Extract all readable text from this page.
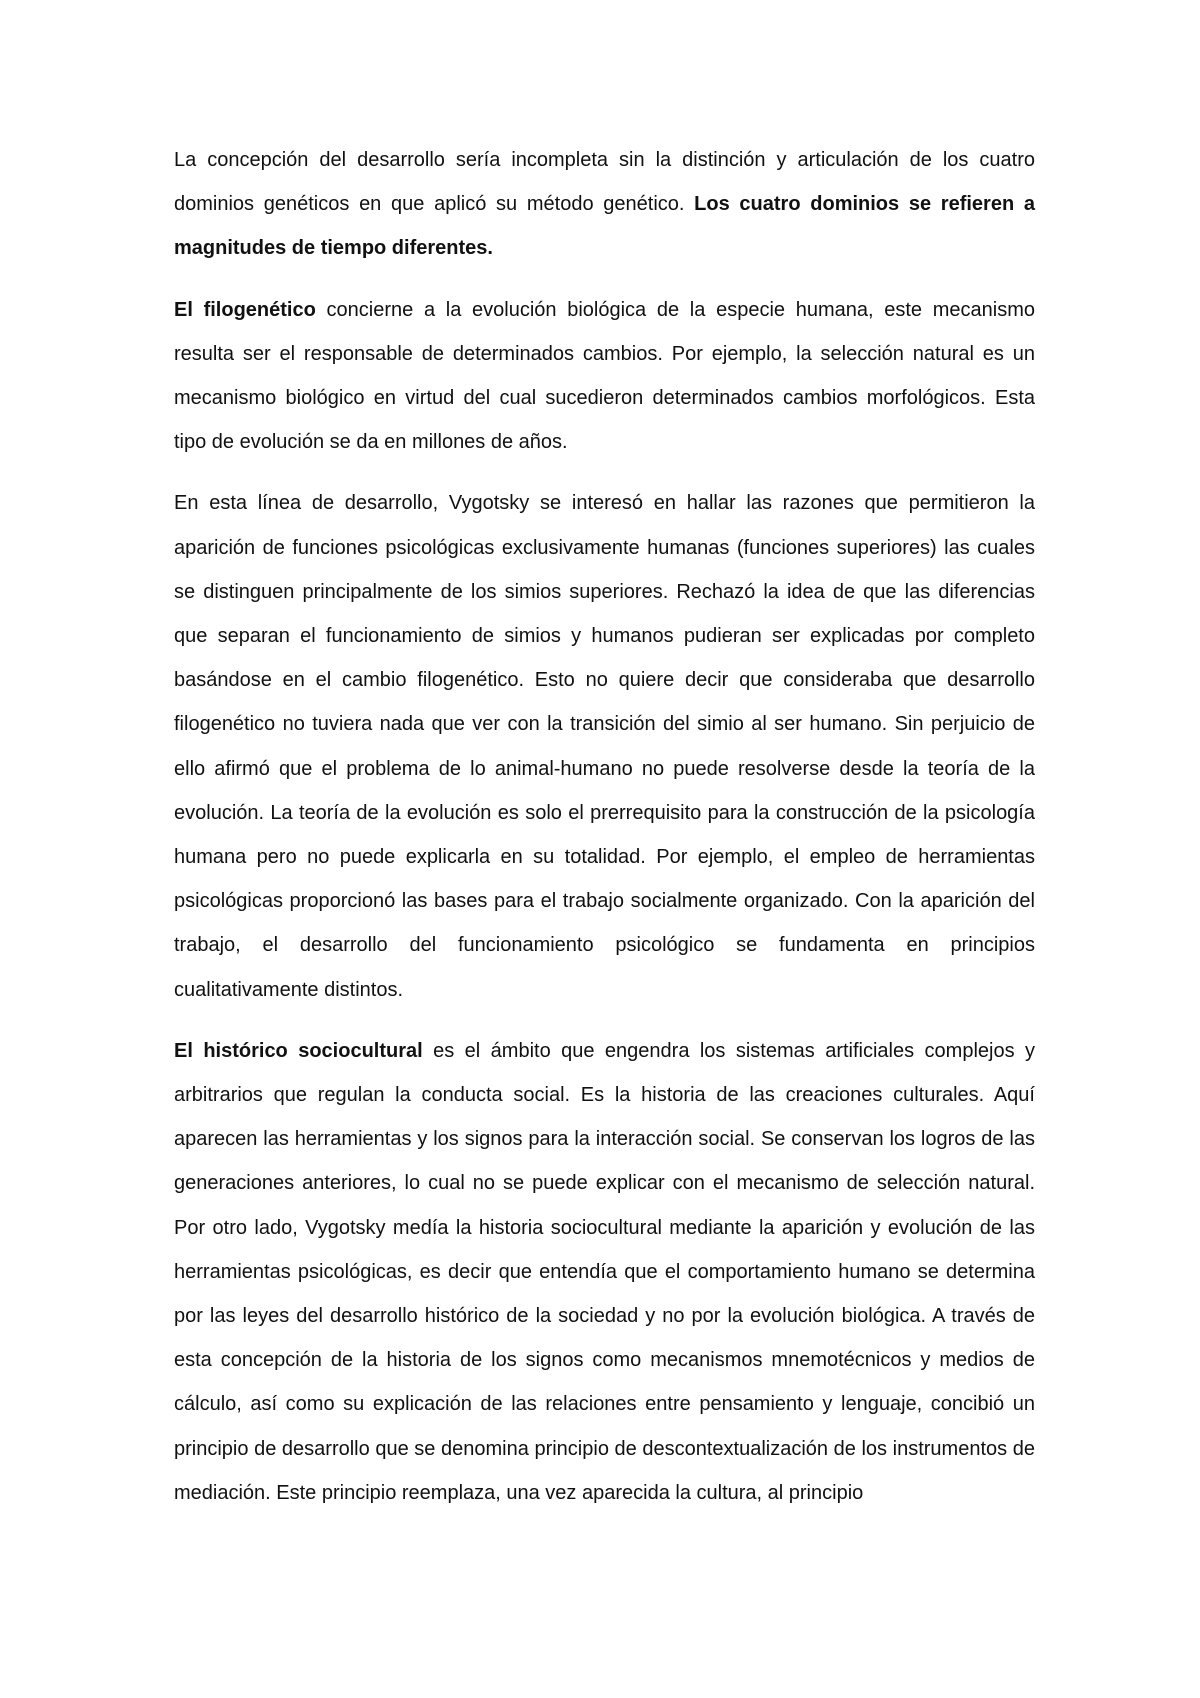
La concepción del desarrollo sería incompleta sin la distinción y articulación de los cuatro dominios genéticos en que aplicó su método genético. Los cuatro dominios se refieren a magnitudes de tiempo diferentes.

El filogenético concierne a la evolución biológica de la especie humana, este mecanismo resulta ser el responsable de determinados cambios. Por ejemplo, la selección natural es un mecanismo biológico en virtud del cual sucedieron determinados cambios morfológicos. Esta tipo de evolución se da en millones de años.

En esta línea de desarrollo, Vygotsky se interesó en hallar las razones que permitieron la aparición de funciones psicológicas exclusivamente humanas (funciones superiores) las cuales se distinguen principalmente de los simios superiores. Rechazó la idea de que las diferencias que separan el funcionamiento de simios y humanos pudieran ser explicadas por completo basándose en el cambio filogenético. Esto no quiere decir que consideraba que desarrollo filogenético no tuviera nada que ver con la transición del simio al ser humano. Sin perjuicio de ello afirmó que el problema de lo animal-humano no puede resolverse desde la teoría de la evolución. La teoría de la evolución es solo el prerrequisito para la construcción de la psicología humana pero no puede explicarla en su totalidad. Por ejemplo, el empleo de herramientas psicológicas proporcionó las bases para el trabajo socialmente organizado. Con la aparición del trabajo, el desarrollo del funcionamiento psicológico se fundamenta en principios cualitativamente distintos.

El histórico sociocultural es el ámbito que engendra los sistemas artificiales complejos y arbitrarios que regulan la conducta social. Es la historia de las creaciones culturales. Aquí aparecen las herramientas y los signos para la interacción social. Se conservan los logros de las generaciones anteriores, lo cual no se puede explicar con el mecanismo de selección natural. Por otro lado, Vygotsky medía la historia sociocultural mediante la aparición y evolución de las herramientas psicológicas, es decir que entendía que el comportamiento humano se determina por las leyes del desarrollo histórico de la sociedad y no por la evolución biológica. A través de esta concepción de la historia de los signos como mecanismos mnemotécnicos y medios de cálculo, así como su explicación de las relaciones entre pensamiento y lenguaje, concibió un principio de desarrollo que se denomina principio de descontextualización de los instrumentos de mediación. Este principio reemplaza, una vez aparecida la cultura, al principio
